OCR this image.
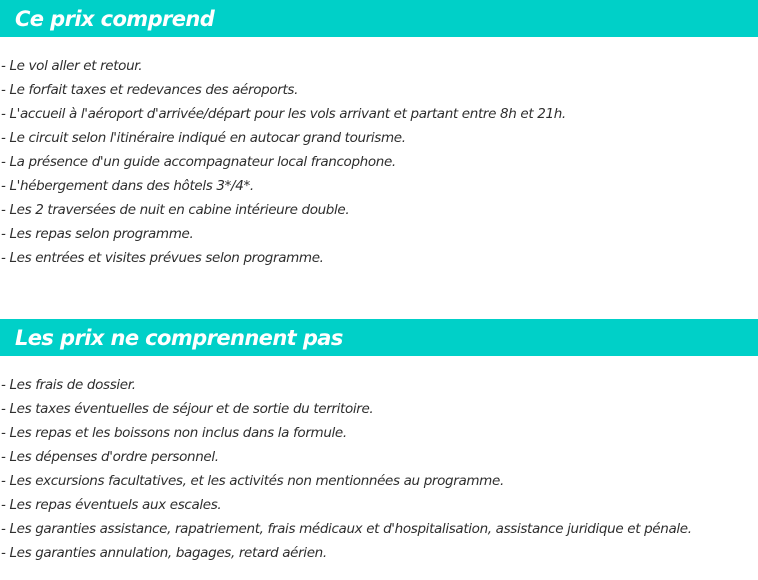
Ce prix comprend
- Le vol aller et retour.
- Le forfait taxes et redevances des aéroports.
- L'accueil à l'aéroport d'arrivée/départ pour les vols arrivant et partant entre 8h et 21h.
- Le circuit selon l'itinéraire indiqué en autocar grand tourisme.
- La présence d'un guide accompagnateur local francophone.
- L'hébergement dans des hôtels 3*/4*.
- Les 2 traversées de nuit en cabine intérieure double.
- Les repas selon programme.
- Les entrées et visites prévues selon programme.
Les prix ne comprennent pas
- Les frais de dossier.
- Les taxes éventuelles de séjour et de sortie du territoire.
- Les repas et les boissons non inclus dans la formule.
- Les dépenses d'ordre personnel.
- Les excursions facultatives, et les activités non mentionnées au programme.
- Les repas éventuels aux escales.
- Les garanties assistance, rapatriement, frais médicaux et d'hospitalisation, assistance juridique et pénale.
- Les garanties annulation, bagages, retard aérien.
